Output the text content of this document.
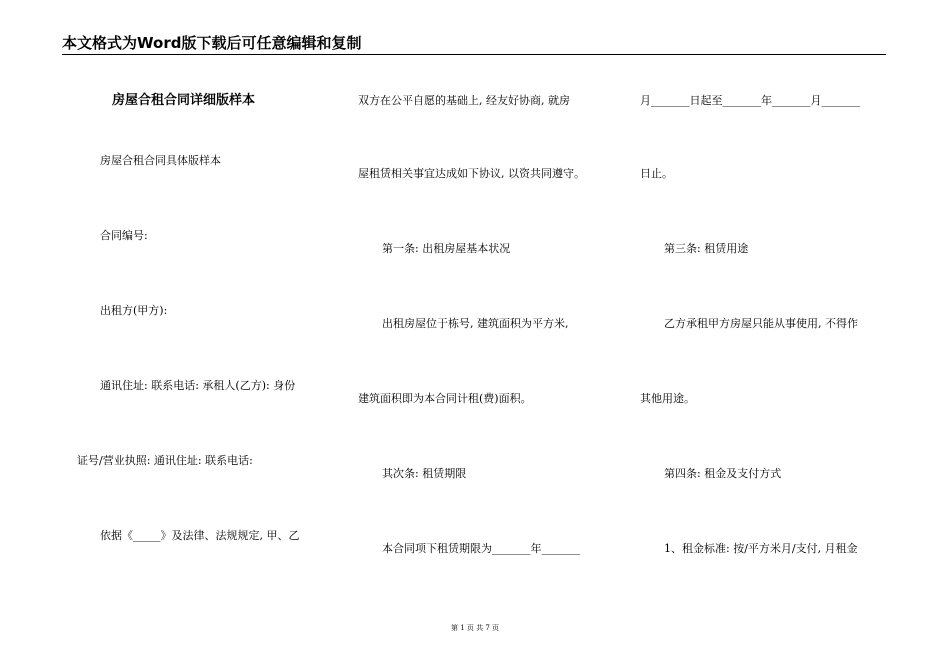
本文格式为Word版下载后可任意编辑和复制
房屋合租合同详细版样本
房屋合租合同具体版样本
合同编号:
出租方(甲方):
通讯住址: 联系电话: 承租人(乙方): 身份
证号/营业执照: 通讯住址: 联系电话:
依据《_____》及法律、法规规定, 甲、乙
双方在公平自愿的基础上, 经友好协商, 就房
屋租赁相关事宜达成如下协议, 以资共同遵守。
第一条: 出租房屋基本状况
出租房屋位于栋号, 建筑面积为平方米,
建筑面积即为本合同计租(费)面积。
其次条: 租赁期限
本合同项下租赁期限为_______年_______
月_______日起至_______年_______月_______
日止。
第三条: 租赁用途
乙方承租甲方房屋只能从事使用, 不得作
其他用途。
第四条: 租金及支付方式
1、租金标准: 按/平方米月/支付, 月租金
第 1 页 共 7 页
